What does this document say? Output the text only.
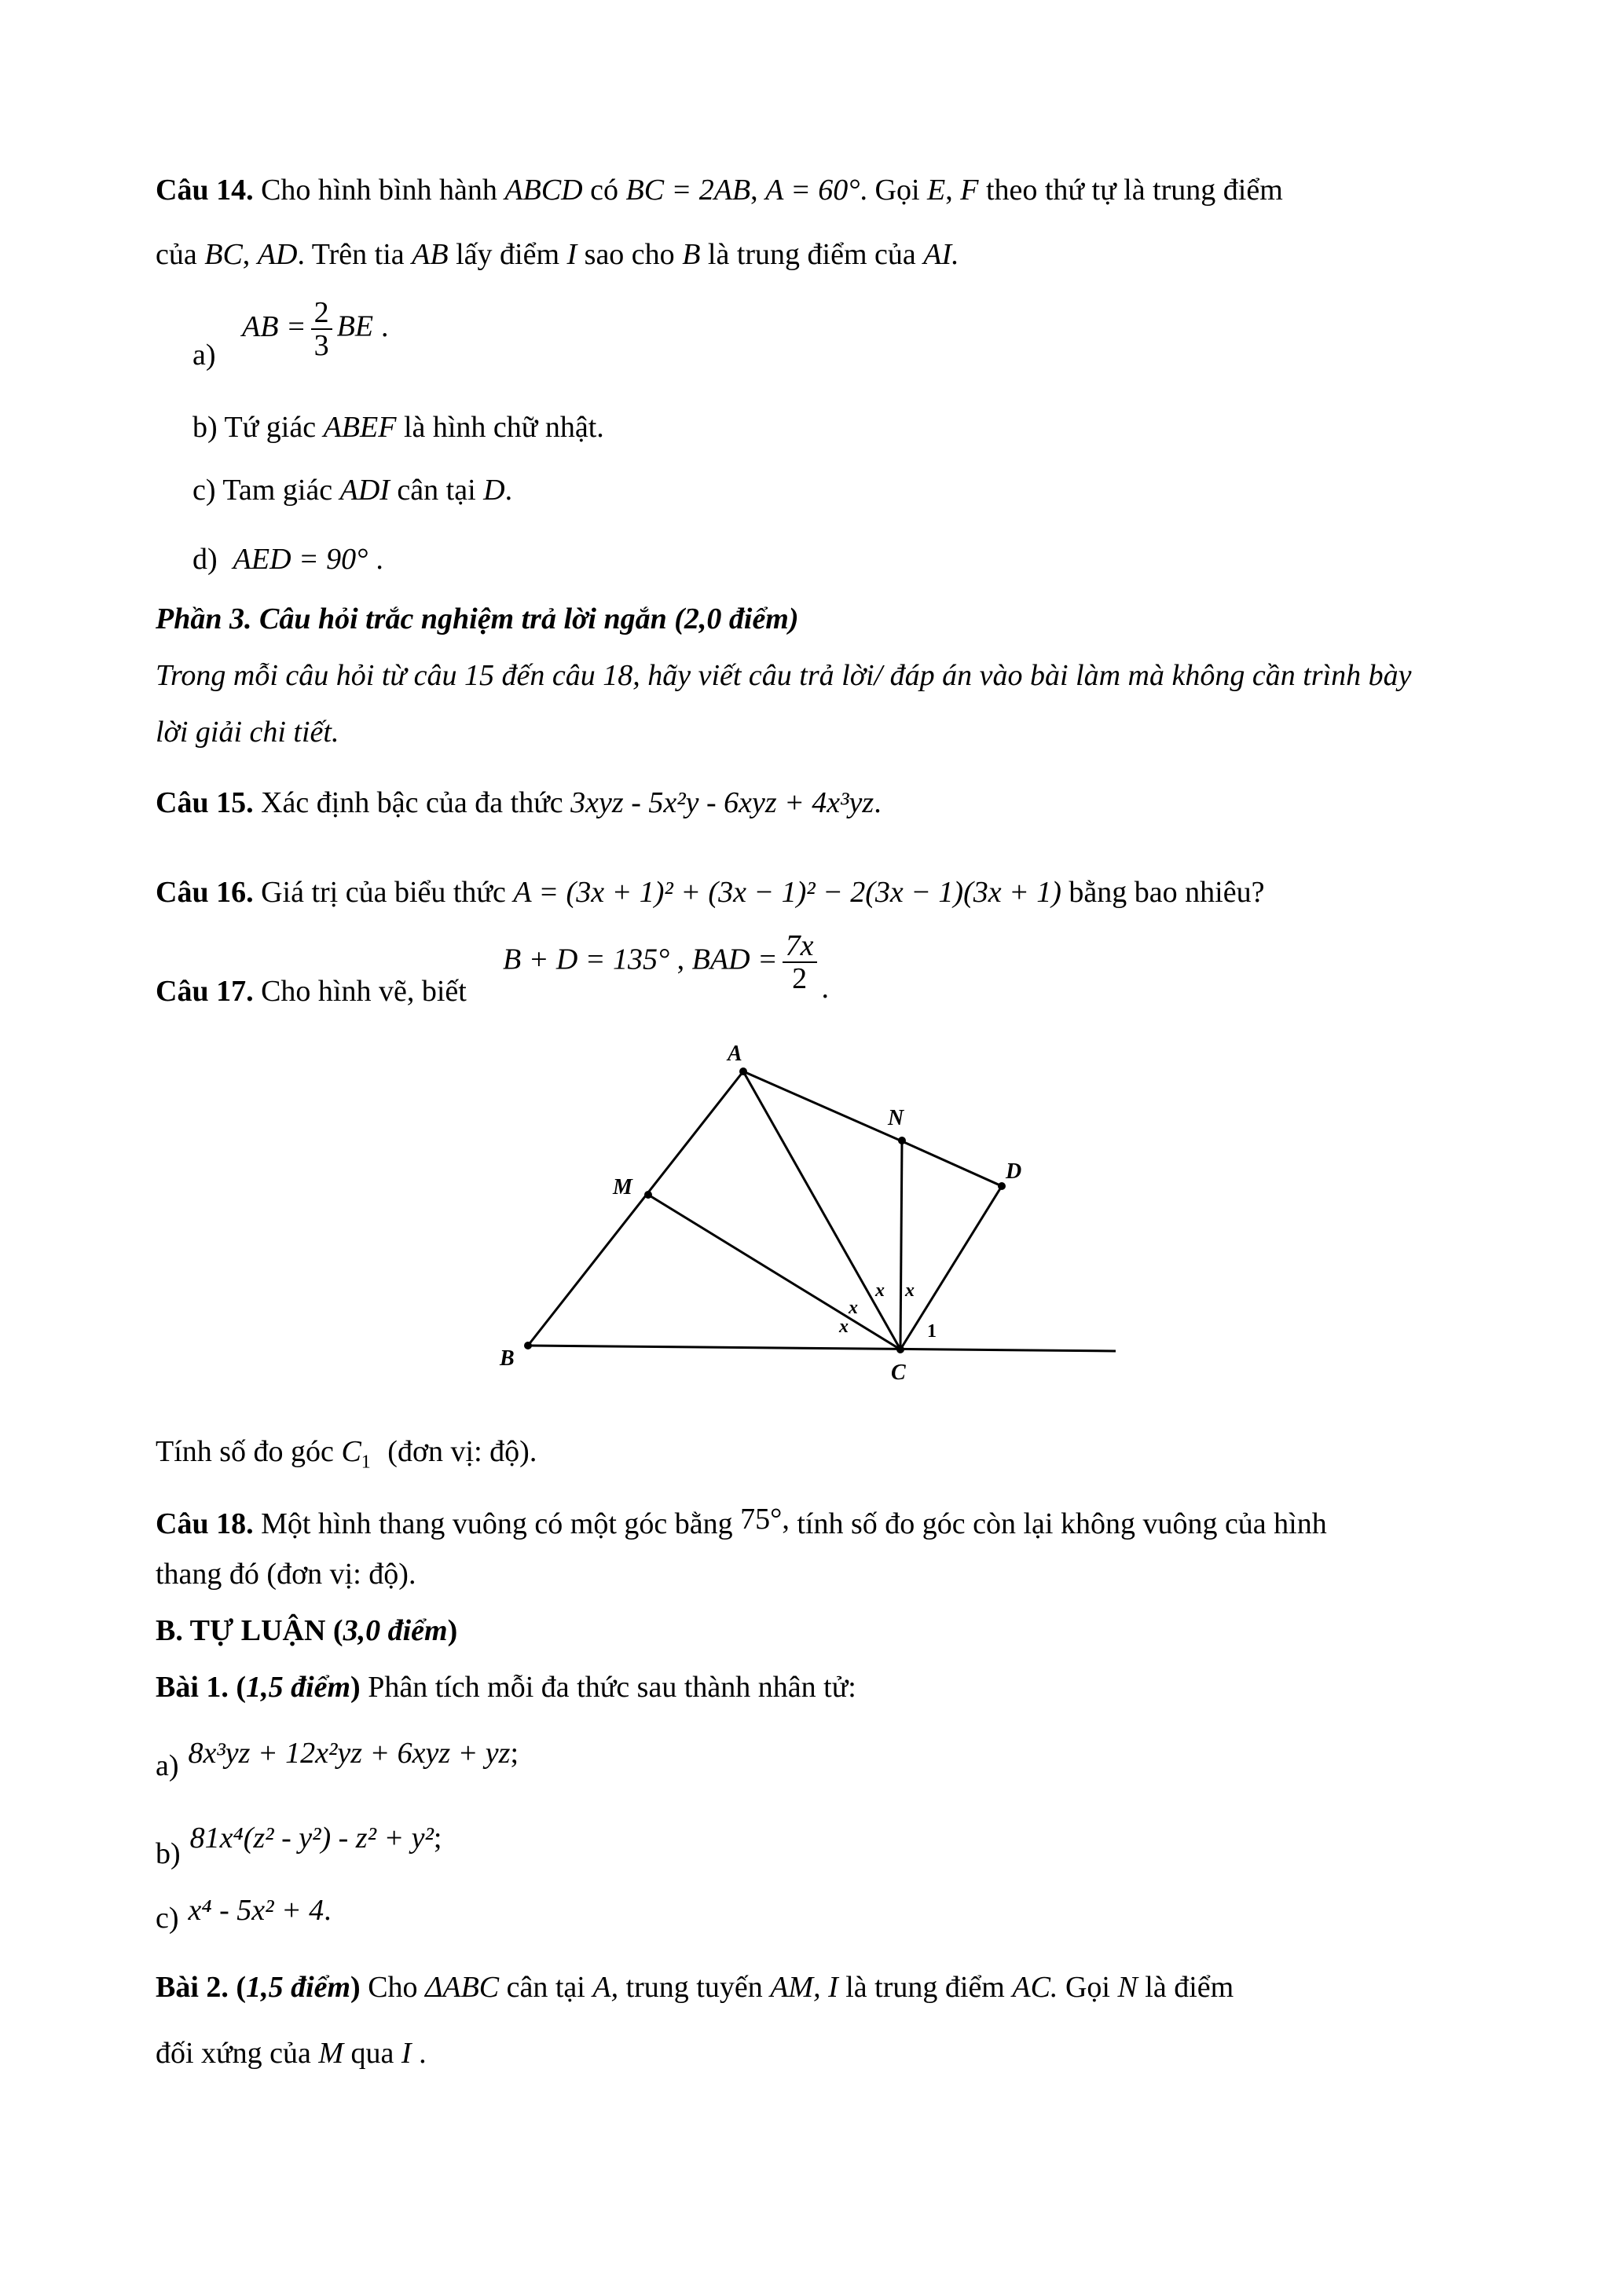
Câu 14. Cho hình bình hành ABCD có BC = 2AB, A = 60°. Gọi E, F theo thứ tự là trung điểm
của BC, AD. Trên tia AB lấy điểm I sao cho B là trung điểm của AI.
a) AB = $\frac{2}{3}$ BE .
b) Tứ giác ABEF là hình chữ nhật.
c) Tam giác ADI cân tại D.
d) AED = 90° .
Phần 3. Câu hỏi trắc nghiệm trả lời ngắn (2,0 điểm)
Trong mỗi câu hỏi từ câu 15 đến câu 18, hãy viết câu trả lời/ đáp án vào bài làm mà không cần trình bày
lời giải chi tiết.
Câu 15. Xác định bậc của đa thức 3xyz - 5x²y - 6xyz + 4x³yz.
Câu 16. Giá trị của biểu thức A = (3x + 1)² + (3x − 1)² − 2(3x − 1)(3x + 1) bằng bao nhiêu?
Câu 17. Cho hình vẽ, biết
B + D = 135° , BAD = $\frac{7x}{2}$ .
A
B
C
D
M
N
x
x
x x
1
Tính số đo góc $C_1$ (đơn vị: độ).
Câu 18. Một hình thang vuông có một góc bằng 75°, tính số đo góc còn lại không vuông của hình
thang đó (đơn vị: độ).
B. TỰ LUẬN (3,0 điểm)
Bài 1. (1,5 điểm) Phân tích mỗi đa thức sau thành nhân tử:
a) 8x³yz + 12x²yz + 6xyz + yz;
b) 81x⁴(z² - y²) - z² + y²;
c) x⁴ - 5x² + 4.
Bài 2. (1,5 điểm) Cho ΔABC cân tại A, trung tuyến AM, I là trung điểm AC. Gọi N là điểm
đối xứng của M qua I .
